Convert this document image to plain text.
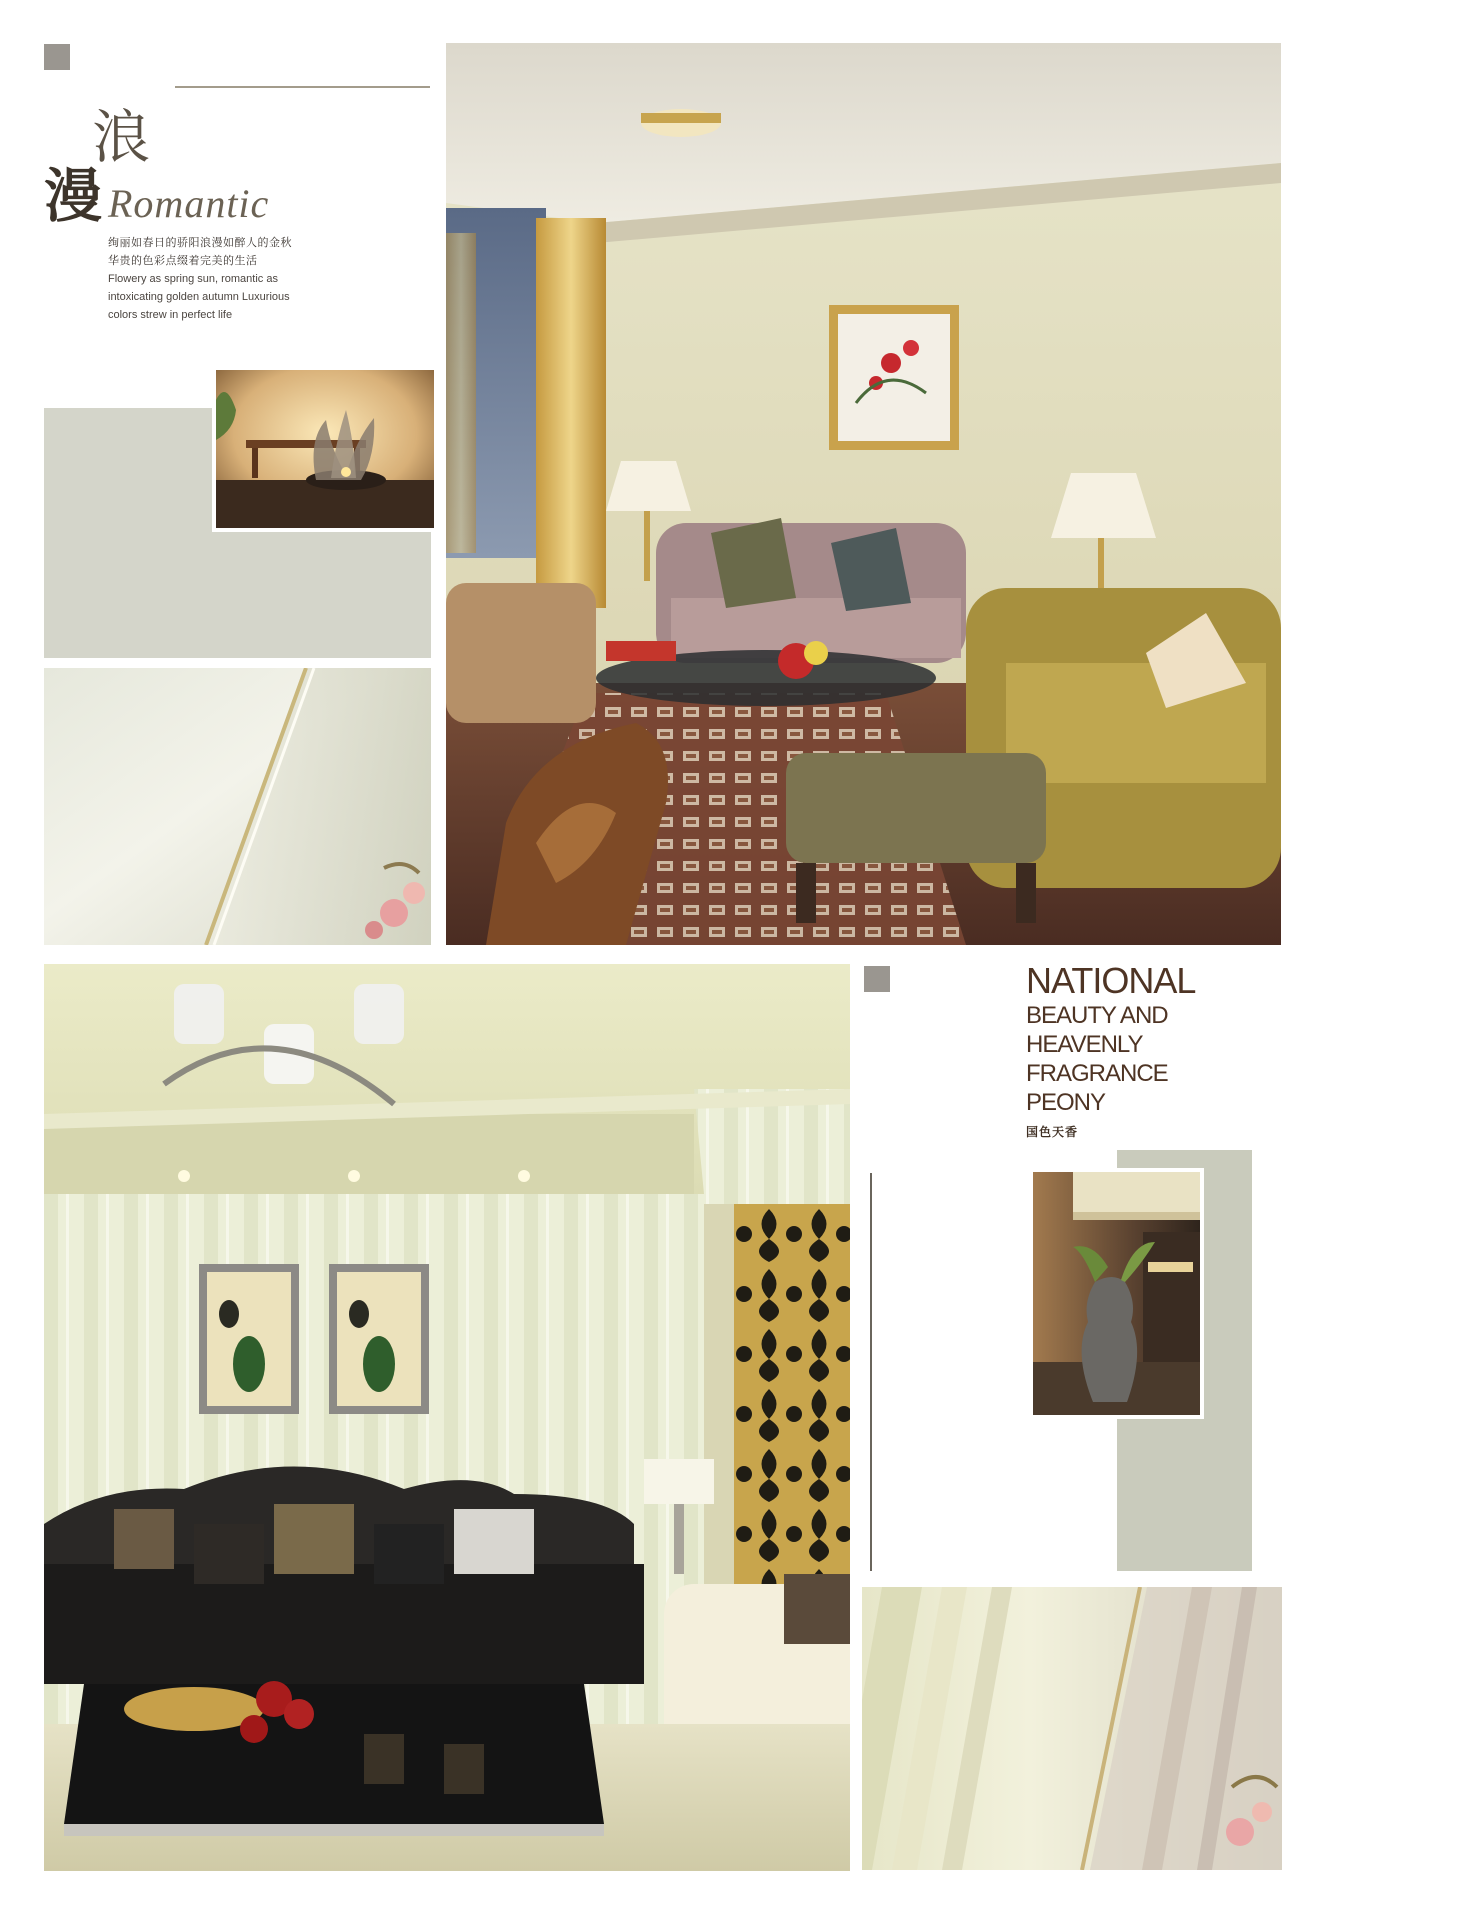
浪
漫 Romantic
绚丽如春日的骄阳浪漫如醉人的金秋
华贵的色彩点缀着完美的生活
Flowery as spring sun, romantic as
intoxicating golden autumn Luxurious
colors strew in perfect life
NATIONAL
BEAUTY AND
HEAVENLY
FRAGRANCE
PEONY
国色天香
